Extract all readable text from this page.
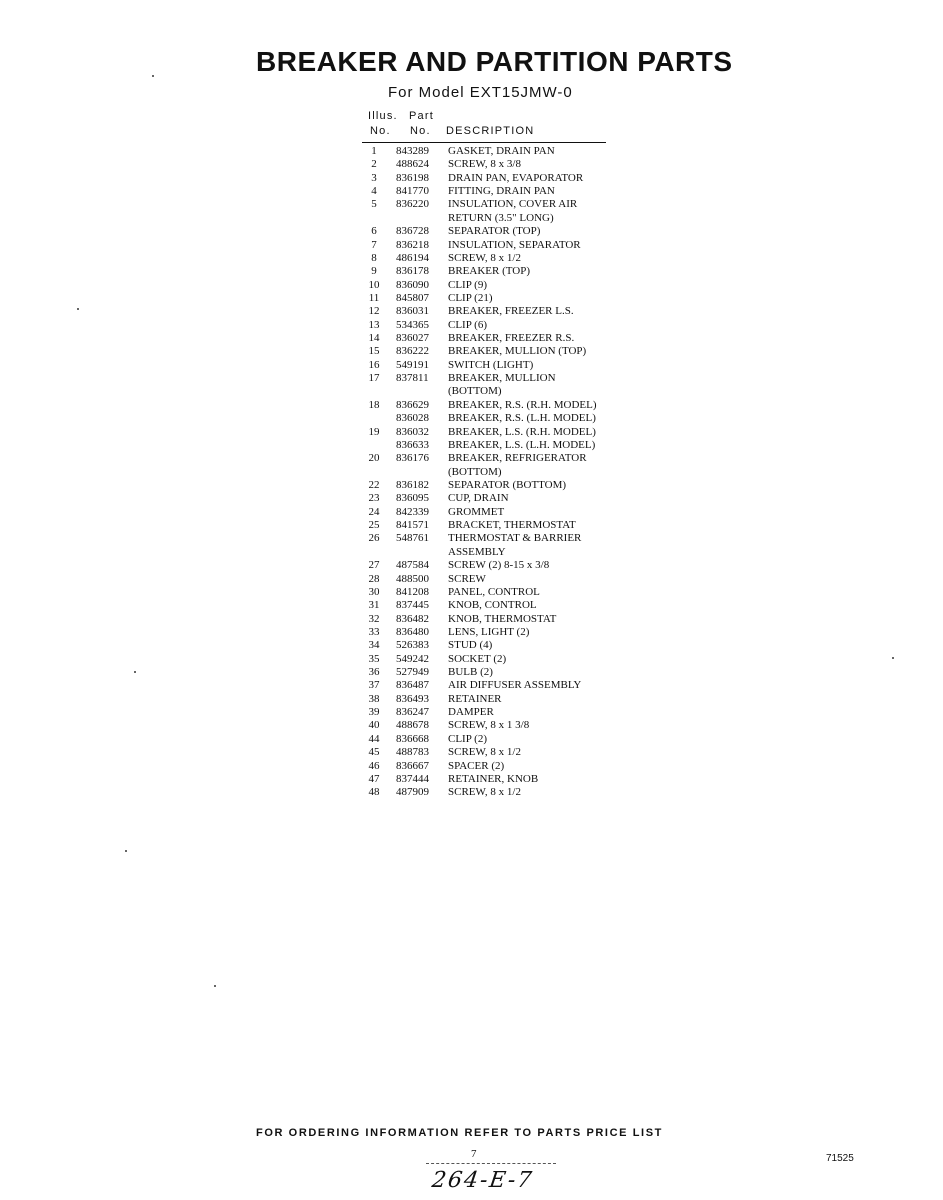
BREAKER AND PARTITION PARTS
For Model EXT15JMW-0
Illus. Part
No. No. DESCRIPTION
1	843289 GASKET, DRAIN PAN
2	488624 SCREW, 8 x 3/8
3	836198 DRAIN PAN, EVAPORATOR
4	841770 FITTING, DRAIN PAN
5	836220 INSULATION, COVER AIR
RETURN (3.5" LONG)
6	836728 SEPARATOR (TOP)
7	836218 INSULATION, SEPARATOR
8	486194 SCREW, 8 x 1/2
9	836178 BREAKER (TOP)
10	836090 CLIP (9)
11	845807 CLIP (21)
12	836031 BREAKER, FREEZER L.S.
13	534365 CLIP (6)
14	836027 BREAKER, FREEZER R.S.
15	836222 BREAKER, MULLION (TOP)
16	549191 SWITCH (LIGHT)
17	837811 BREAKER, MULLION
(BOTTOM)
18	836629 BREAKER, R.S. (R.H. MODEL)
836028 BREAKER, R.S. (L.H. MODEL)
19	836032 BREAKER, L.S. (R.H. MODEL)
836633 BREAKER, L.S. (L.H. MODEL)
20	836176 BREAKER, REFRIGERATOR
(BOTTOM)
22	836182 SEPARATOR (BOTTOM)
23	836095 CUP, DRAIN
24	842339 GROMMET
25	841571 BRACKET, THERMOSTAT
26	548761 THERMOSTAT & BARRIER
ASSEMBLY
27	487584 SCREW (2) 8-15 x 3/8
28	488500 SCREW
30	841208 PANEL, CONTROL
31	837445 KNOB, CONTROL
32	836482 KNOB, THERMOSTAT
33	836480 LENS, LIGHT (2)
34	526383 STUD (4)
35	549242 SOCKET (2)
36	527949 BULB (2)
37	836487 AIR DIFFUSER ASSEMBLY
38	836493 RETAINER
39	836247 DAMPER
40	488678 SCREW, 8 x 1 3/8
44	836668 CLIP (2)
45	488783 SCREW, 8 x 1/2
46	836667 SPACER (2)
47	837444 RETAINER, KNOB
48	487909 SCREW, 8 x 1/2
FOR ORDERING INFORMATION REFER TO PARTS PRICE LIST
7	71525
264-E-7
